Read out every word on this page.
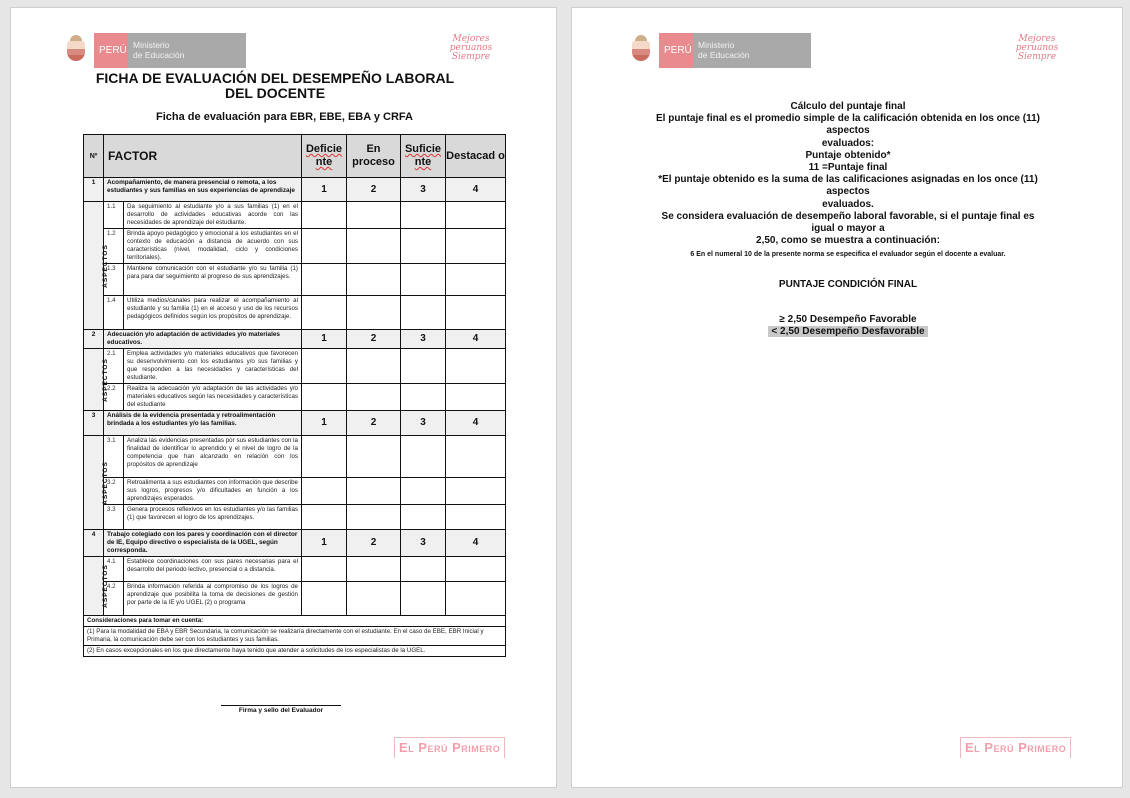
PERÚ Ministerio
de Educación
Mejores
peruanos
Siempre
FICHA DE EVALUACIÓN DEL DESEMPEÑO LABORAL
DEL DOCENTE
Ficha de evaluación para EBR, EBE, EBA y CRFA
Nº	FACTOR		Deficie nte	En proceso	Suficie nte	Destacad o
1	Acompañamiento, de manera presencial o remota, a los estudiantes y sus familias en sus experiencias de aprendizaje		1	2	3	4
ASPECTOS	1.1	Da seguimiento al estudiante y/o a sus familias (1) en el desarrollo de actividades educativas acorde con las necesidades de aprendizaje del estudiante.				
	1.2	Brinda apoyo pedagógico y emocional a los estudiantes en el contexto de educación a distancia de acuerdo con sus características (nivel, modalidad, ciclo y condiciones territoriales).				
	1.3	Mantiene comunicación con el estudiante y/o su familia (1) para para dar seguimiento al progreso de sus aprendizajes.				
	1.4	Utiliza medios/canales para realizar el acompañamiento al estudiante y su familia (1) en el acceso y uso de los recursos pedagógicos definidos según los propósitos de aprendizaje.				
2	Adecuación y/o adaptación de actividades y/o materiales educativos.		1	2	3	4
ASPECTOS	2.1	Emplea actividades y/o materiales educativos que favorecen su desenvolvimiento con los estudiantes y/o sus familias y que responden a las necesidades y características del estudiante.				
	2.2	Realiza la adecuación y/o adaptación de las actividades y/o materiales educativos según las necesidades y características del estudiante				
3	Análisis de la evidencia presentada y retroalimentación brindada a los estudiantes y/o las familias.		1	2	3	4
ASPECTOS	3.1	Analiza las evidencias presentadas por sus estudiantes con la finalidad de identificar lo aprendido y el nivel de logro de la competencia que han alcanzado en relación con los propósitos de aprendizaje				
	3.2	Retroalimenta a sus estudiantes con información que describe sus logros, progresos y/o dificultades en función a los aprendizajes esperados.				
	3.3	Genera procesos reflexivos en los estudiantes y/o las familias (1) que favorecen el logro de los aprendizajes.				
4	Trabajo colegiado con los pares y coordinación con el director de IE, Equipo directivo o especialista de la UGEL, según corresponda.		1	2	3	4
ASPECTOS	4.1	Establece coordinaciones con sus pares necesarias para el desarrollo del periodo lectivo, presencial o a distancia.				
	4.2	Brinda información referida al compromiso de los logros de aprendizaje que posibilita la toma de decisiones de gestión por parte de la IE y/o UGEL (2) o programa				
Consideraciones para tomar en cuenta:						
(1) Para la modalidad de EBA y EBR Secundaria, la comunicación se realizaría directamente con el estudiante. En el caso de EBE, EBR Inicial y Primaria, la comunicación debe ser con los estudiantes y sus familias.						
(2) En casos excepcionales en los que directamente haya tenido que atender a solicitudes de los especialistas de la UGEL.						
Firma y sello del Evaluador
El Perú Primero
PERÚ Ministerio
de Educación
Mejores
peruanos
Siempre
Cálculo del puntaje final
El puntaje final es el promedio simple de la calificación obtenida en los once (11)
aspectos
evaluados:
Puntaje obtenido*
11 =Puntaje final
*El puntaje obtenido es la suma de las calificaciones asignadas en los once (11)
aspectos
evaluados.
Se considera evaluación de desempeño laboral favorable, si el puntaje final es
igual o mayor a
2,50, como se muestra a continuación:
6 En el numeral 10 de la presente norma se especifica el evaluador según el docente a evaluar.
PUNTAJE CONDICIÓN FINAL
≥ 2,50 Desempeño Favorable
< 2,50 Desempeño Desfavorable
El Perú Primero
